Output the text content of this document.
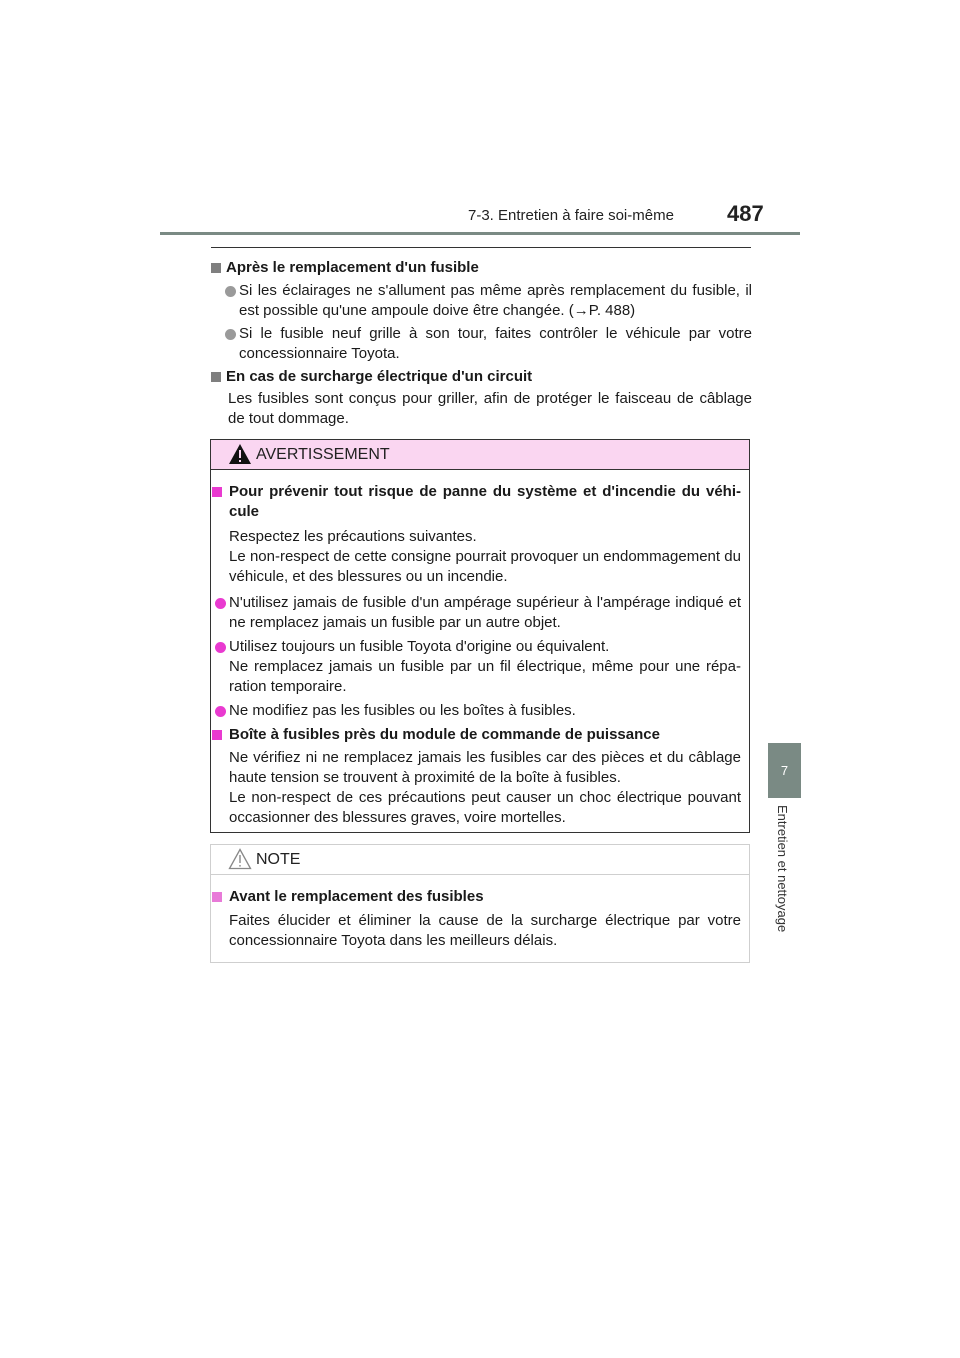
7-3. Entretien à faire soi-même 487
7
Entretien et nettoyage

Après le remplacement d'un fusible

Si les éclairages ne s'allument pas même après remplacement du fusible, il est possible qu'une ampoule doive être changée. (→P. 488)

Si le fusible neuf grille à son tour, faites contrôler le véhicule par votre concessionnaire Toyota.

En cas de surcharge électrique d'un circuit

Les fusibles sont conçus pour griller, afin de protéger le faisceau de câblage de tout dommage.

AVERTISSEMENT

Pour prévenir tout risque de panne du système et d'incendie du véhi-cule

Respectez les précautions suivantes.

Le non-respect de cette consigne pourrait provoquer un endommagement du véhicule, et des blessures ou un incendie.

N'utilisez jamais de fusible d'un ampérage supérieur à l'ampérage indiqué et ne remplacez jamais un fusible par un autre objet.

Utilisez toujours un fusible Toyota d'origine ou équivalent.

Ne remplacez jamais un fusible par un fil électrique, même pour une répa-ration temporaire.

Ne modifiez pas les fusibles ou les boîtes à fusibles.

Boîte à fusibles près du module de commande de puissance

Ne vérifiez ni ne remplacez jamais les fusibles car des pièces et du câblage haute tension se trouvent à proximité de la boîte à fusibles.

Le non-respect de ces précautions peut causer un choc électrique pouvant occasionner des blessures graves, voire mortelles.

NOTE

Avant le remplacement des fusibles

Faites élucider et éliminer la cause de la surcharge électrique par votre concessionnaire Toyota dans les meilleurs délais.
